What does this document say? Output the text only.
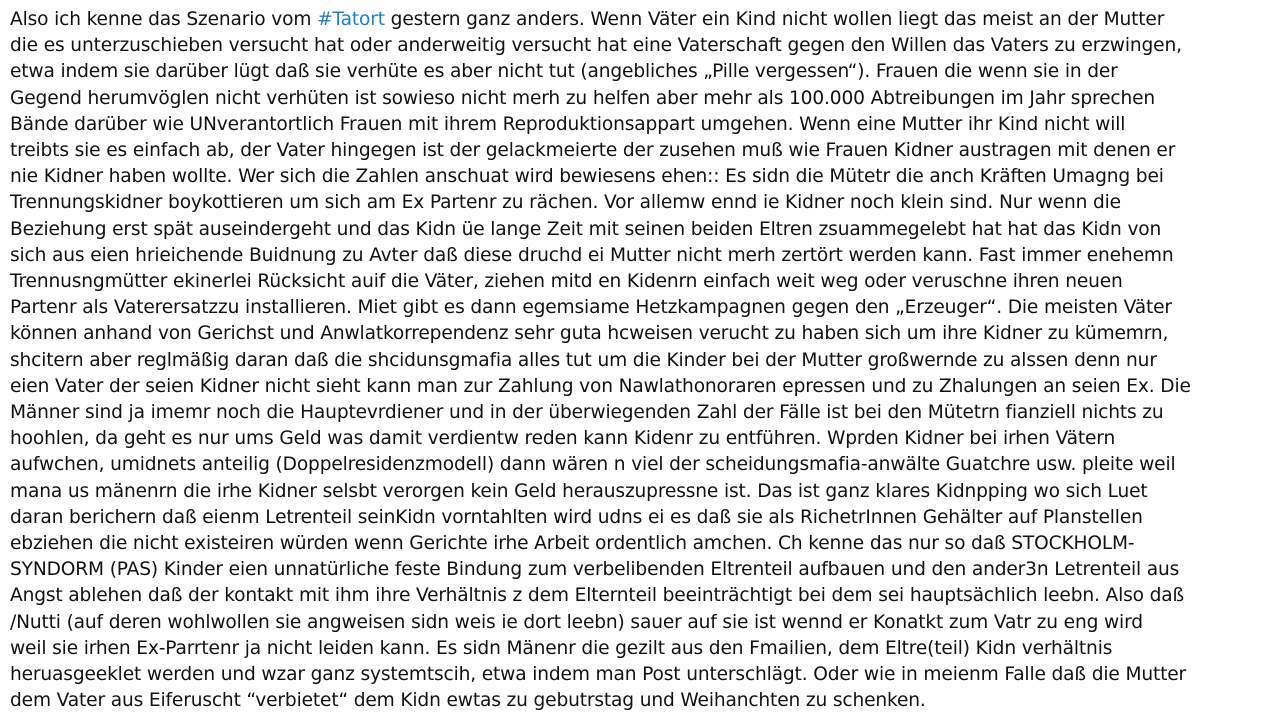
Also ich kenne das Szenario vom #Tatort gestern ganz anders. Wenn Väter ein Kind nicht wollen liegt das meist an der Mutter
die es unterzuschieben versucht hat oder anderweitig versucht hat eine Vaterschaft gegen den Willen das Vaters zu erzwingen,
etwa indem sie darüber lügt daß sie verhüte es aber nicht tut (angebliches „Pille vergessen“). Frauen die wenn sie in der
Gegend herumvöglen nicht verhüten ist sowieso nicht merh zu helfen aber mehr als 100.000 Abtreibungen im Jahr sprechen
Bände darüber wie UNverantortlich Frauen mit ihrem Reproduktionsappart umgehen. Wenn eine Mutter ihr Kind nicht will
treibts sie es einfach ab, der Vater hingegen ist der gelackmeierte der zusehen muß wie Frauen Kidner austragen mit denen er
nie Kidner haben wollte. Wer sich die Zahlen anschuat wird bewiesens ehen:: Es sidn die Mütetr die anch Kräften Umagng bei
Trennungskidner boykottieren um sich am Ex Partenr zu rächen. Vor allemw ennd ie Kidner noch klein sind. Nur wenn die
Beziehung erst spät auseindergeht und das Kidn üe lange Zeit mit seinen beiden Eltren zsuammegelebt hat hat das Kidn von
sich aus eien hrieichende Buidnung zu Avter daß diese druchd ei Mutter nicht merh zertört werden kann. Fast immer enehemn
Trennusngmütter ekinerlei Rücksicht auif die Väter, ziehen mitd en Kidenrn einfach weit weg oder veruschne ihren neuen
Partenr als Vaterersatzzu installieren. Miet gibt es dann egemsiame Hetzkampagnen gegen den „Erzeuger“. Die meisten Väter
können anhand von Gerichst und Anwlatkorrependenz sehr guta hcweisen verucht zu haben sich um ihre Kidner zu kümemrn,
shcitern aber reglmäßig daran daß die shcidunsgmafia alles tut um die Kinder bei der Mutter großwernde zu alssen denn nur
eien Vater der seien Kidner nicht sieht kann man zur Zahlung von Nawlathonoraren epressen und zu Zhalungen an seien Ex. Die
Männer sind ja imemr noch die Hauptevrdiener und in der überwiegenden Zahl der Fälle ist bei den Mütetrn fianziell nichts zu
hoohlen, da geht es nur ums Geld was damit verdientw reden kann Kidenr zu entführen. Wprden Kidner bei irhen Vätern
aufwchen, umidnets anteilig (Doppelresidenzmodell) dann wären n viel der scheidungsmafia-anwälte Guatchre usw. pleite weil
mana us mänenrn die irhe Kidner selsbt verorgen kein Geld herauszupressne ist. Das ist ganz klares Kidnpping wo sich Luet
daran berichern daß eienm Letrenteil seinKidn vorntahlten wird udns ei es daß sie als RichetrInnen Gehälter auf Planstellen
ebziehen die nicht existeiren würden wenn Gerichte irhe Arbeit ordentlich amchen. Ch kenne das nur so daß STOCKHOLM-
SYNDORM (PAS) Kinder eien unnatürliche feste Bindung zum verbelibenden Eltrenteil aufbauen und den ander3n Letrenteil aus
Angst ablehen daß der kontakt mit ihm ihre Verhältnis z dem Elternteil beeinträchtigt bei dem sei hauptsächlich leebn. Also daß
/Nutti (auf deren wohlwollen sie angweisen sidn weis ie dort leebn) sauer auf sie ist wennd er Konatkt zum Vatr zu eng wird
weil sie irhen Ex-Parrtenr ja nicht leiden kann. Es sidn Mänenr die gezilt aus den Fmailien, dem Eltre(teil) Kidn verhältnis
heruasgeeklet werden und wzar ganz systemtscih, etwa indem man Post unterschlägt. Oder wie in meienm Falle daß die Mutter
dem Vater aus Eiferuscht “verbietet“ dem Kidn ewtas zu gebutrstag und Weihanchten zu schenken.
